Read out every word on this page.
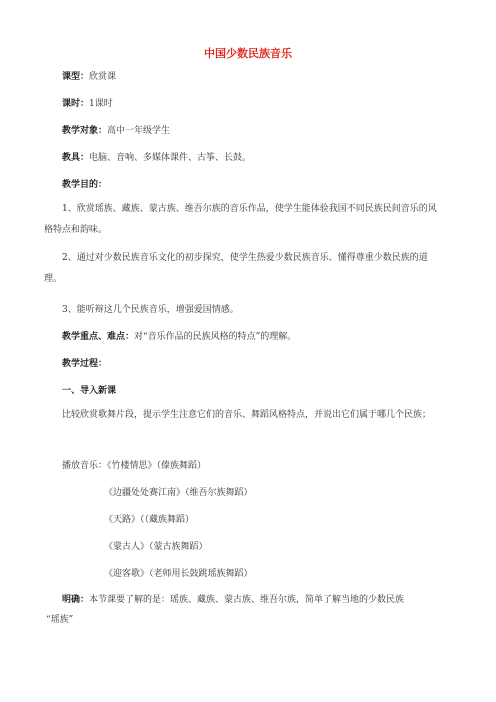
中国少数民族音乐
课型：欣赏课
课时：1课时
教学对象：高中一年级学生
教具：电脑、音响、多媒体课件、古筝、长鼓。
教学目的：
1、欣赏瑶族、藏族、蒙古族、维吾尔族的音乐作品，使学生能体验我国不同民族民间音乐的风格特点和韵味。
2、通过对少数民族音乐文化的初步探究，使学生热爱少数民族音乐、懂得尊重少数民族的道理。
3、能听辩这几个民族音乐，增强爱国情感。
教学重点、难点：对“音乐作品的民族风格的特点”的理解。
教学过程：
一、导入新课
比较欣赏歌舞片段，提示学生注意它们的音乐、舞蹈风格特点，并说出它们属于哪几个民族；
播放音乐：《竹楼情思》（傣族舞蹈）
《边疆处处赛江南》（维吾尔族舞蹈）
《天路》（（藏族舞蹈）
《蒙古人》（蒙古族舞蹈）
《迎客歌》（老师用长鼓跳瑶族舞蹈）
明确：本节课要了解的是：瑶族、藏族、蒙古族、维吾尔族，简单了解当地的少数民族
“瑶族”
